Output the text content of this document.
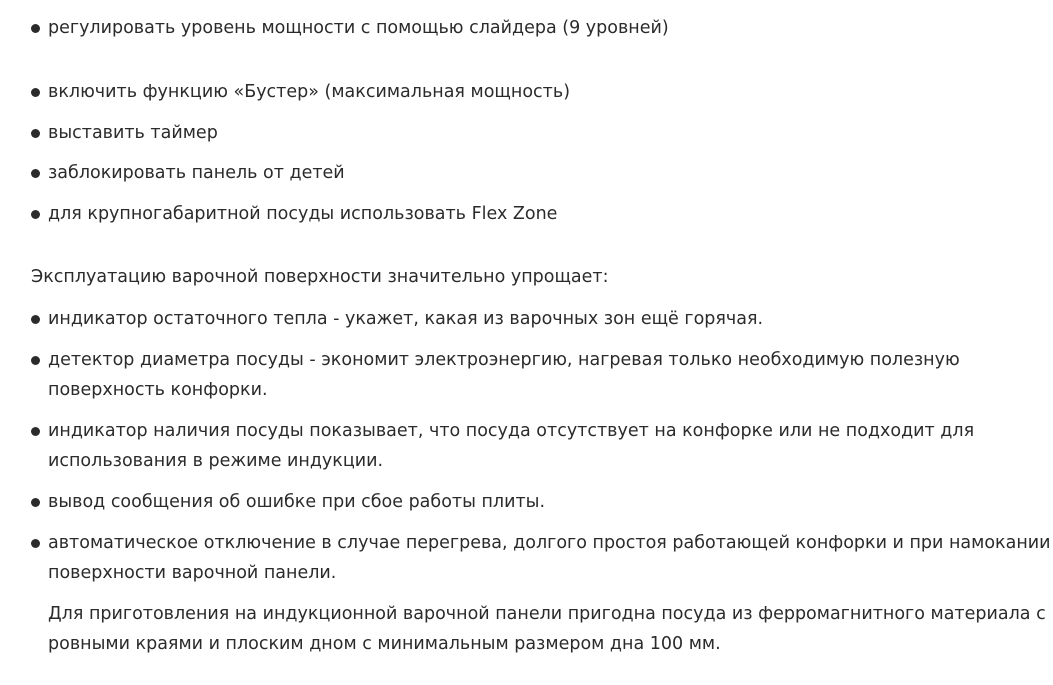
регулировать уровень мощности с помощью слайдера (9 уровней)
включить функцию «Бустер» (максимальная мощность)
выставить таймер
заблокировать панель от детей
для крупногабаритной посуды использовать Flex Zone

Эксплуатацию варочной поверхности значительно упрощает:

индикатор остаточного тепла - укажет, какая из варочных зон ещё горячая.
детектор диаметра посуды - экономит электроэнергию, нагревая только необходимую полезную поверхность конфорки.
индикатор наличия посуды показывает, что посуда отсутствует на конфорке или не подходит для использования в режиме индукции.
вывод сообщения об ошибке при сбое работы плиты.
автоматическое отключение в случае перегрева, долгого простоя работающей конфорки и при намокании поверхности варочной панели.

Для приготовления на индукционной варочной панели пригодна посуда из ферромагнитного материала с ровными краями и плоским дном с минимальным размером дна 100 мм.
